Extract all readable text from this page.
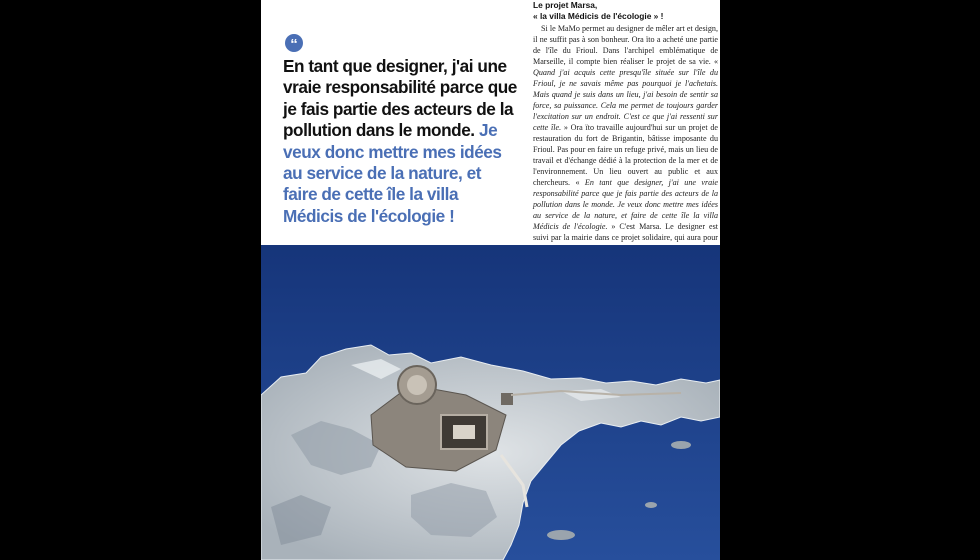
“

En tant que designer, j'ai une vraie responsabilité parce que je fais partie des acteurs de la pollution dans le monde. Je veux donc mettre mes idées au service de la nature, et faire de cette île la villa Médicis de l'écologie !

Le projet Marsa,
« la villa Médicis de l'écologie » !

Si le MaMo permet au designer de mêler art et design, il ne suffit pas à son bonheur. Ora ïto a acheté une partie de l'île du Frioul. Dans l'archipel emblématique de Marseille, il compte bien réaliser le projet de sa vie. « Quand j'ai acquis cette presqu'île située sur l'île du Frioul, je ne savais même pas pourquoi je l'achetais. Mais quand je suis dans un lieu, j'ai besoin de sentir sa force, sa puissance. Cela me permet de toujours garder l'excitation sur un endroit. C'est ce que j'ai ressenti sur cette île. » Ora ïto travaille aujourd'hui sur un projet de restauration du fort de Brigantin, bâtisse imposante du Frioul. Pas pour en faire un refuge privé, mais un lieu de travail et d'échange dédié à la protection de la mer et de l'environnement. Un lieu ouvert au public et aux chercheurs. « En tant que designer, j'ai une vraie responsabilité parce que je fais partie des acteurs de la pollution dans le monde. Je veux donc mettre mes idées au service de la nature, et faire de cette île la villa Médicis de l'écologie. » C'est Marsa. Le designer est suivi par la mairie dans ce projet solidaire, qui aura pour
